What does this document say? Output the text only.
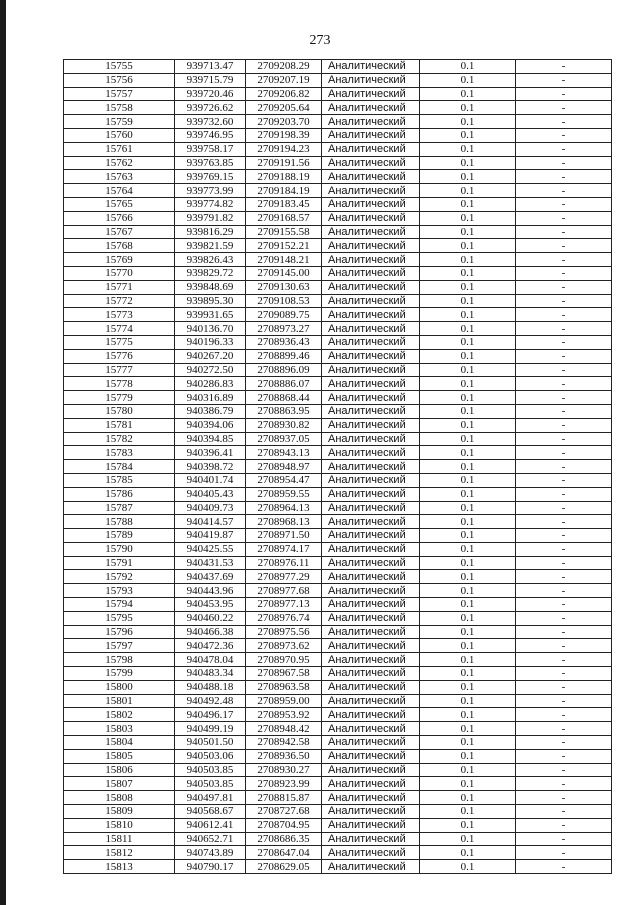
273
15755	939713.47	2709208.29	Аналитический	0.1	-
15756	939715.79	2709207.19	Аналитический	0.1	-
15757	939720.46	2709206.82	Аналитический	0.1	-
15758	939726.62	2709205.64	Аналитический	0.1	-
15759	939732.60	2709203.70	Аналитический	0.1	-
15760	939746.95	2709198.39	Аналитический	0.1	-
15761	939758.17	2709194.23	Аналитический	0.1	-
15762	939763.85	2709191.56	Аналитический	0.1	-
15763	939769.15	2709188.19	Аналитический	0.1	-
15764	939773.99	2709184.19	Аналитический	0.1	-
15765	939774.82	2709183.45	Аналитический	0.1	-
15766	939791.82	2709168.57	Аналитический	0.1	-
15767	939816.29	2709155.58	Аналитический	0.1	-
15768	939821.59	2709152.21	Аналитический	0.1	-
15769	939826.43	2709148.21	Аналитический	0.1	-
15770	939829.72	2709145.00	Аналитический	0.1	-
15771	939848.69	2709130.63	Аналитический	0.1	-
15772	939895.30	2709108.53	Аналитический	0.1	-
15773	939931.65	2709089.75	Аналитический	0.1	-
15774	940136.70	2708973.27	Аналитический	0.1	-
15775	940196.33	2708936.43	Аналитический	0.1	-
15776	940267.20	2708899.46	Аналитический	0.1	-
15777	940272.50	2708896.09	Аналитический	0.1	-
15778	940286.83	2708886.07	Аналитический	0.1	-
15779	940316.89	2708868.44	Аналитический	0.1	-
15780	940386.79	2708863.95	Аналитический	0.1	-
15781	940394.06	2708930.82	Аналитический	0.1	-
15782	940394.85	2708937.05	Аналитический	0.1	-
15783	940396.41	2708943.13	Аналитический	0.1	-
15784	940398.72	2708948.97	Аналитический	0.1	-
15785	940401.74	2708954.47	Аналитический	0.1	-
15786	940405.43	2708959.55	Аналитический	0.1	-
15787	940409.73	2708964.13	Аналитический	0.1	-
15788	940414.57	2708968.13	Аналитический	0.1	-
15789	940419.87	2708971.50	Аналитический	0.1	-
15790	940425.55	2708974.17	Аналитический	0.1	-
15791	940431.53	2708976.11	Аналитический	0.1	-
15792	940437.69	2708977.29	Аналитический	0.1	-
15793	940443.96	2708977.68	Аналитический	0.1	-
15794	940453.95	2708977.13	Аналитический	0.1	-
15795	940460.22	2708976.74	Аналитический	0.1	-
15796	940466.38	2708975.56	Аналитический	0.1	-
15797	940472.36	2708973.62	Аналитический	0.1	-
15798	940478.04	2708970.95	Аналитический	0.1	-
15799	940483.34	2708967.58	Аналитический	0.1	-
15800	940488.18	2708963.58	Аналитический	0.1	-
15801	940492.48	2708959.00	Аналитический	0.1	-
15802	940496.17	2708953.92	Аналитический	0.1	-
15803	940499.19	2708948.42	Аналитический	0.1	-
15804	940501.50	2708942.58	Аналитический	0.1	-
15805	940503.06	2708936.50	Аналитический	0.1	-
15806	940503.85	2708930.27	Аналитический	0.1	-
15807	940503.85	2708923.99	Аналитический	0.1	-
15808	940497.81	2708815.87	Аналитический	0.1	-
15809	940568.67	2708727.68	Аналитический	0.1	-
15810	940612.41	2708704.95	Аналитический	0.1	-
15811	940652.71	2708686.35	Аналитический	0.1	-
15812	940743.89	2708647.04	Аналитический	0.1	-
15813	940790.17	2708629.05	Аналитический	0.1	-
